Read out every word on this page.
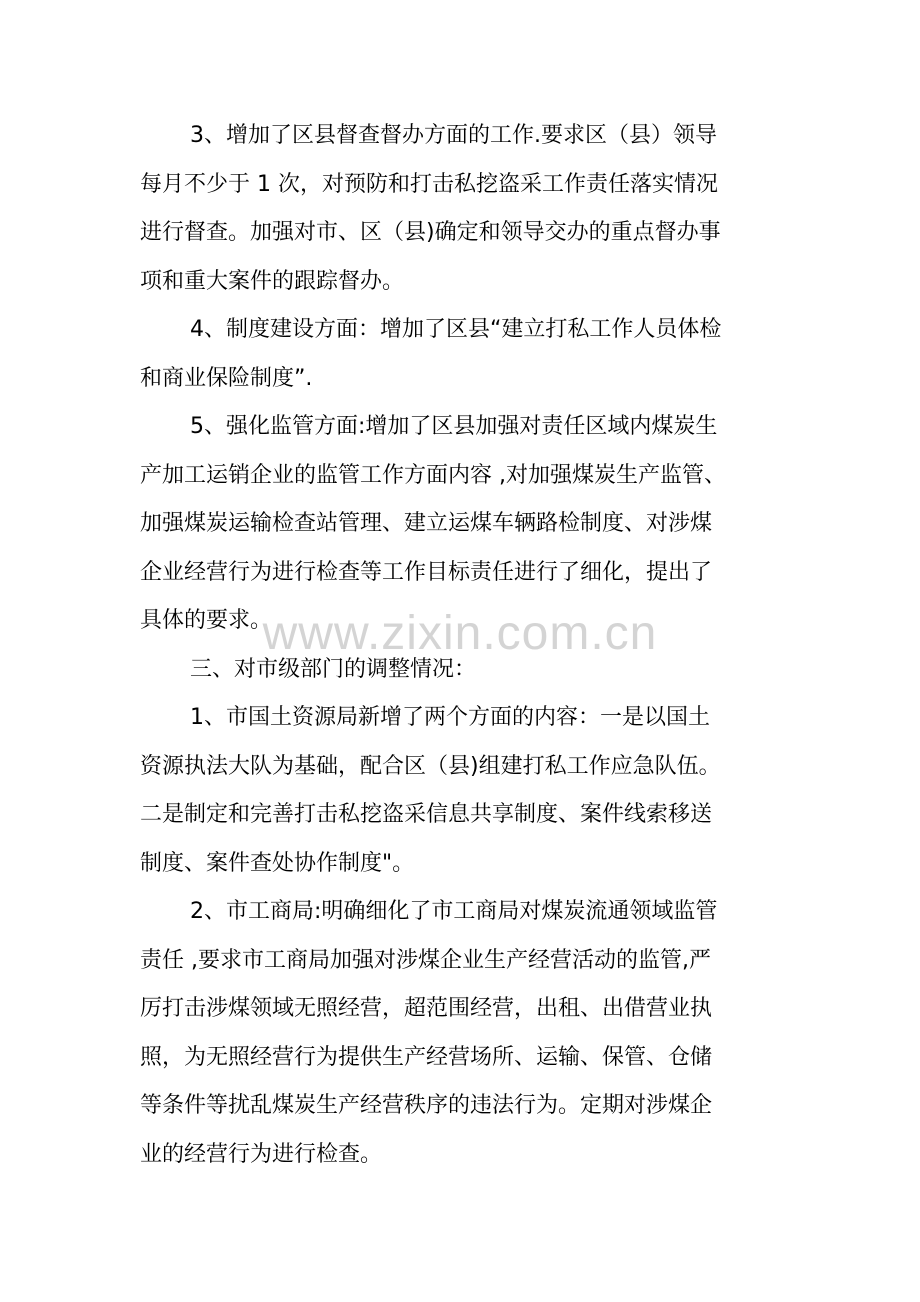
3、增加了区县督查督办方面的工作.要求区（县）领导
每月不少于 1 次，对预防和打击私挖盗采工作责任落实情况
进行督查。加强对市、区（县)确定和领导交办的重点督办事
项和重大案件的跟踪督办。
4、制度建设方面：增加了区县“建立打私工作人员体检
和商业保险制度”.
5、强化监管方面:增加了区县加强对责任区域内煤炭生
产加工运销企业的监管工作方面内容 ,对加强煤炭生产监管、
加强煤炭运输检查站管理、建立运煤车辆路检制度、对涉煤
企业经营行为进行检查等工作目标责任进行了细化，提出了
具体的要求。
三、对市级部门的调整情况：
1、市国土资源局新增了两个方面的内容：一是以国土
资源执法大队为基础，配合区（县)组建打私工作应急队伍。
二是制定和完善打击私挖盗采信息共享制度、案件线索移送
制度、案件查处协作制度"。
2、市工商局:明确细化了市工商局对煤炭流通领域监管
责任 ,要求市工商局加强对涉煤企业生产经营活动的监管,严
厉打击涉煤领域无照经营，超范围经营，出租、出借营业执
照，为无照经营行为提供生产经营场所、运输、保管、仓储
等条件等扰乱煤炭生产经营秩序的违法行为。定期对涉煤企
业的经营行为进行检查。
www.zixin.com.cn
